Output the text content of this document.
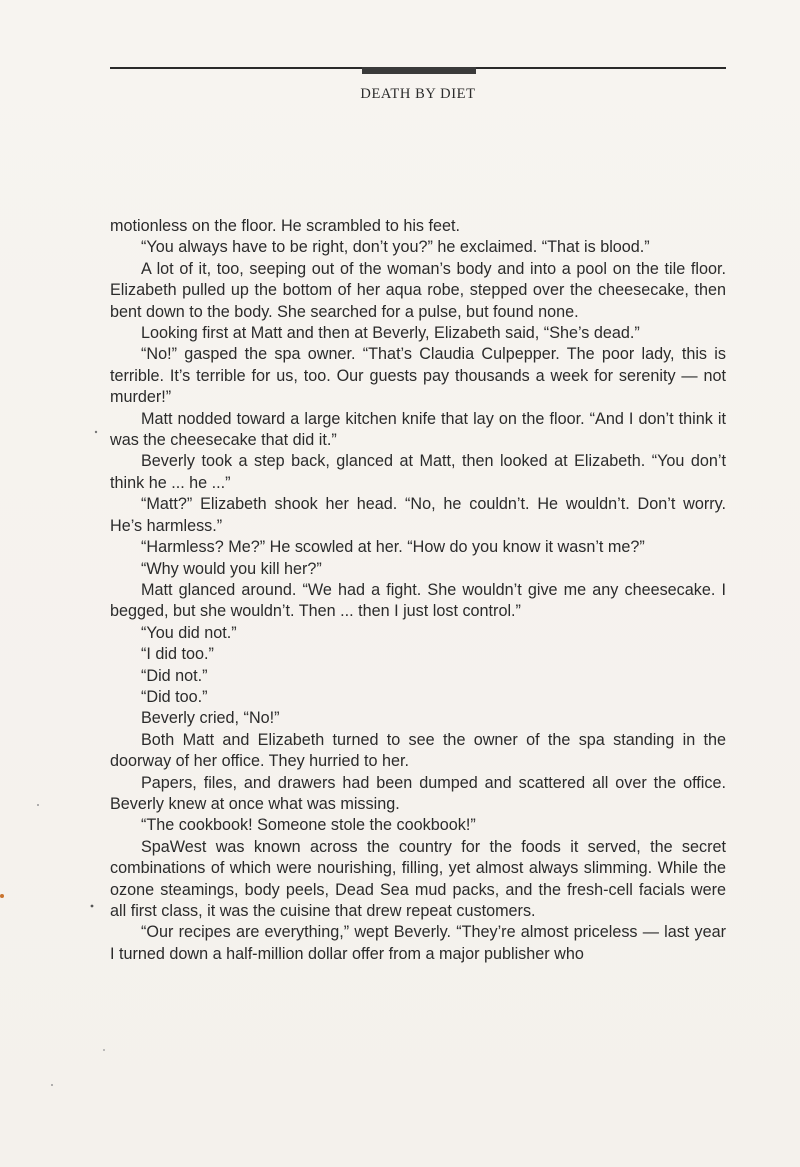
DEATH BY DIET

motionless on the floor. He scrambled to his feet.

“You always have to be right, don’t you?” he exclaimed. “That is blood.”

A lot of it, too, seeping out of the woman’s body and into a pool on the tile floor. Elizabeth pulled up the bottom of her aqua robe, stepped over the cheesecake, then bent down to the body. She searched for a pulse, but found none.

Looking first at Matt and then at Beverly, Elizabeth said, “She’s dead.”

“No!” gasped the spa owner. “That’s Claudia Culpepper. The poor lady, this is terrible. It’s terrible for us, too. Our guests pay thousands a week for serenity — not murder!”

Matt nodded toward a large kitchen knife that lay on the floor. “And I don’t think it was the cheesecake that did it.”

Beverly took a step back, glanced at Matt, then looked at Elizabeth. “You don’t think he ... he ...”

“Matt?” Elizabeth shook her head. “No, he couldn’t. He wouldn’t. Don’t worry. He’s harmless.”

“Harmless? Me?” He scowled at her. “How do you know it wasn’t me?”

“Why would you kill her?”

Matt glanced around. “We had a fight. She wouldn’t give me any cheesecake. I begged, but she wouldn’t. Then ... then I just lost control.”

“You did not.”

“I did too.”

“Did not.”

“Did too.”

Beverly cried, “No!”

Both Matt and Elizabeth turned to see the owner of the spa standing in the doorway of her office. They hurried to her.

Papers, files, and drawers had been dumped and scattered all over the office. Beverly knew at once what was missing.

“The cookbook! Someone stole the cookbook!”

SpaWest was known across the country for the foods it served, the secret combinations of which were nourishing, filling, yet almost always slimming. While the ozone steamings, body peels, Dead Sea mud packs, and the fresh-cell facials were all first class, it was the cuisine that drew repeat customers.

“Our recipes are everything,” wept Beverly. “They’re almost priceless — last year I turned down a half-million dollar offer from a major publisher who
